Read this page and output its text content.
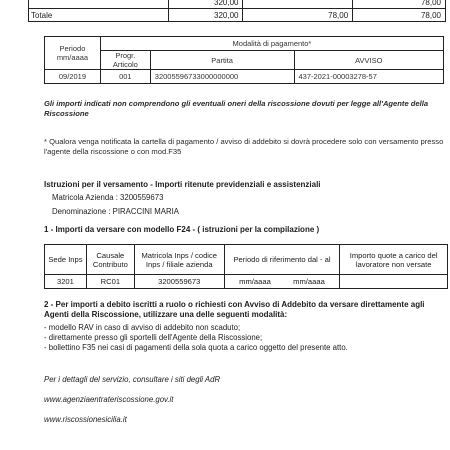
	320,00		78,00
Totale	320,00	78,00	78,00
Periodo mm/aaaa	Modalità di pagamento*		
	Progr. Articolo	Partita	AVVISO
09/2019	001	32005596733000000000	437-2021-00003278-57
Gli importi indicati non comprendono gli eventuali oneri della riscossione dovuti per legge all'Agente della Riscossione
* Qualora venga notificata la cartella di pagamento / avviso di addebito si dovrà procedere solo con versamento presso l'agente della riscossione o con mod.F35
Istruzioni per il versamento - Importi ritenute previdenziali e assistenziali
Matricola Azienda : 3200559673
Denominazione : PIRACCINI MARIA
1 - Importi da versare con modello F24 - ( istruzioni per la compilazione )
Sede Inps	Causale Contributo	Matricola Inps / codice Inps / filiale azienda	Periodo di riferimento dal - al	Importo quote a carico del lavoratore non versate
3201	RC01	3200559673	mm/aaaa mm/aaaa	
2 - Per importi a debito iscritti a ruolo o richiesti con Avviso di Addebito da versare direttamente agli Agenti della Riscossione, utilizzare una delle seguenti modalità:
- modello RAV in caso di avviso di addebito non scaduto;
- direttamente presso gli sportelli dell'Agente della Riscossione;
- bollettino F35 nei casi di pagamenti della sola quota a carico oggetto del presente atto.
Per i dettagli del servizio, consultare i siti degli AdR
www.agenziaentrateriscossione.gov.it
www.riscossionesicilia.it
